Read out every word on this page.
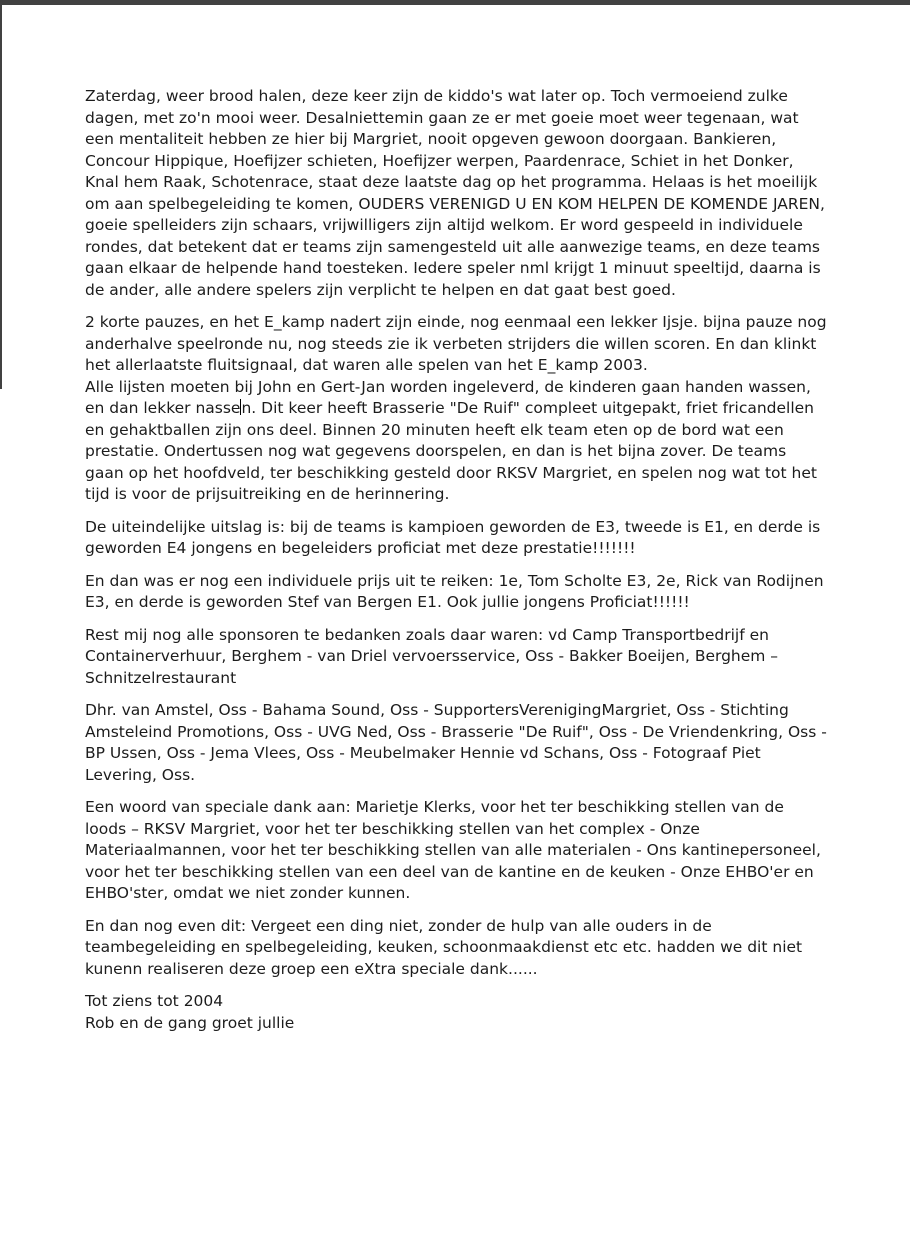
Zaterdag, weer brood halen, deze keer zijn de kiddo's wat later op. Toch vermoeiend zulke dagen, met zo'n mooi weer. Desalniettemin gaan ze er met goeie moet weer tegenaan, wat een mentaliteit hebben ze hier bij Margriet, nooit opgeven gewoon doorgaan. Bankieren, Concour Hippique, Hoefijzer schieten, Hoefijzer werpen, Paardenrace, Schiet in het Donker, Knal hem Raak, Schotenrace, staat deze laatste dag op het programma. Helaas is het moeilijk om aan spelbegeleiding te komen, OUDERS VERENIGD U EN KOM HELPEN DE KOMENDE JAREN, goeie spelleiders zijn schaars, vrijwilligers zijn altijd welkom. Er word gespeeld in individuele rondes, dat betekent dat er teams zijn samengesteld uit alle aanwezige teams, en deze teams gaan elkaar de helpende hand toesteken. Iedere speler nml krijgt 1 minuut speeltijd, daarna is de ander, alle andere spelers zijn verplicht te helpen en dat gaat best goed.

2 korte pauzes, en het E_kamp nadert zijn einde, nog eenmaal een lekker Ijsje. bijna pauze nog anderhalve speelronde nu, nog steeds zie ik verbeten strijders die willen scoren. En dan klinkt het allerlaatste fluitsignaal, dat waren alle spelen van het E_kamp 2003.
Alle lijsten moeten bij John en Gert-Jan worden ingeleverd, de kinderen gaan handen wassen, en dan lekker nassen. Dit keer heeft Brasserie "De Ruif" compleet uitgepakt, friet fricandellen en gehaktballen zijn ons deel. Binnen 20 minuten heeft elk team eten op de bord wat een prestatie. Ondertussen nog wat gegevens doorspelen, en dan is het bijna zover. De teams gaan op het hoofdveld, ter beschikking gesteld door RKSV Margriet, en spelen nog wat tot het tijd is voor de prijsuitreiking en de herinnering.

De uiteindelijke uitslag is: bij de teams is kampioen geworden de E3, tweede is E1, en derde is geworden E4 jongens en begeleiders proficiat met deze prestatie!!!!!!!

En dan was er nog een individuele prijs uit te reiken: 1e, Tom Scholte E3, 2e, Rick van Rodijnen E3, en derde is geworden Stef van Bergen E1. Ook jullie jongens Proficiat!!!!!!

Rest mij nog alle sponsoren te bedanken zoals daar waren: vd Camp Transportbedrijf en Containerverhuur, Berghem - van Driel vervoersservice, Oss - Bakker Boeijen, Berghem – Schnitzelrestaurant

Dhr. van Amstel, Oss - Bahama Sound, Oss - SupportersVerenigingMargriet, Oss - Stichting Amsteleind Promotions, Oss - UVG Ned, Oss - Brasserie "De Ruif", Oss - De Vriendenkring, Oss - BP Ussen, Oss - Jema Vlees, Oss - Meubelmaker Hennie vd Schans, Oss - Fotograaf Piet Levering, Oss.

Een woord van speciale dank aan: Marietje Klerks, voor het ter beschikking stellen van de loods – RKSV Margriet, voor het ter beschikking stellen van het complex - Onze Materiaalmannen, voor het ter beschikking stellen van alle materialen - Ons kantinepersoneel, voor het ter beschikking stellen van een deel van de kantine en de keuken - Onze EHBO'er en EHBO'ster, omdat we niet zonder kunnen.

En dan nog even dit: Vergeet een ding niet, zonder de hulp van alle ouders in de teambegeleiding en spelbegeleiding, keuken, schoonmaakdienst etc etc. hadden we dit niet kunenn realiseren deze groep een eXtra speciale dank......

Tot ziens tot 2004
Rob en de gang groet jullie
